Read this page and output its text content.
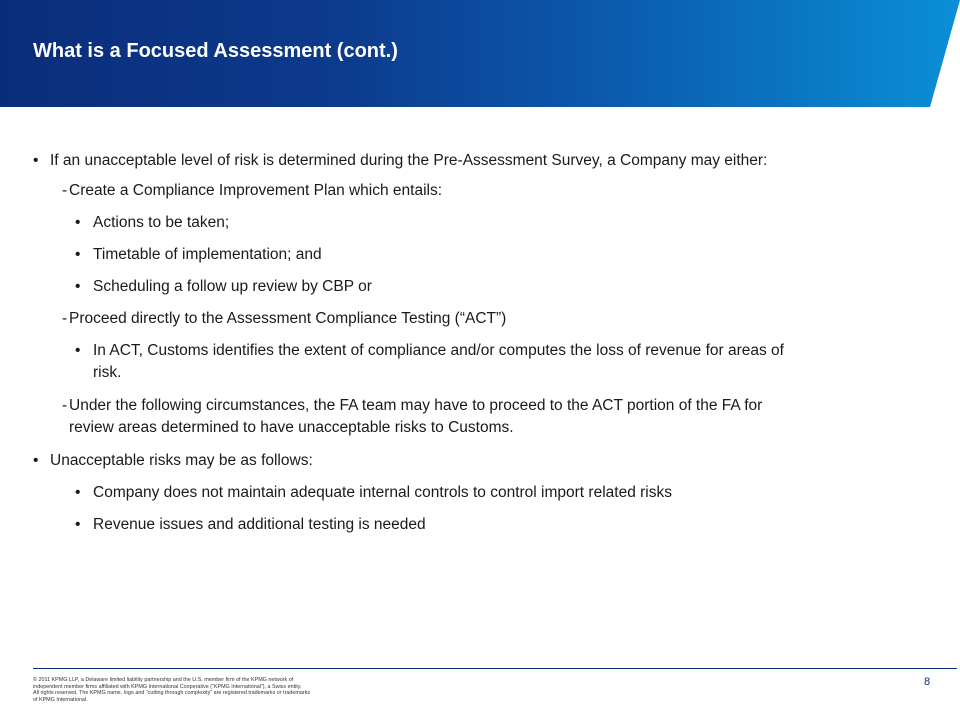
What is a Focused Assessment (cont.)
• If an unacceptable level of risk is determined during the Pre-Assessment Survey, a Company may either:
- Create a Compliance Improvement Plan which entails:
• Actions to be taken;
• Timetable of implementation; and
• Scheduling a follow up review by CBP or
- Proceed directly to the Assessment Compliance Testing (“ACT”)
• In ACT, Customs identifies the extent of compliance and/or computes the loss of revenue for areas of
risk.
- Under the following circumstances, the FA team may have to proceed to the ACT portion of the FA for
review areas determined to have unacceptable risks to Customs.
• Unacceptable risks may be as follows:
• Company does not maintain adequate internal controls to control import related risks
• Revenue issues and additional testing is needed
© 2011 KPMG LLP, a Delaware limited liability partnership and the U.S. member firm of the KPMG network of
independent member firms affiliated with KPMG International Cooperative (“KPMG International”), a Swiss entity.
All rights reserved. The KPMG name, logo and “cutting through complexity” are registered trademarks or trademarks
of KPMG International.
8
